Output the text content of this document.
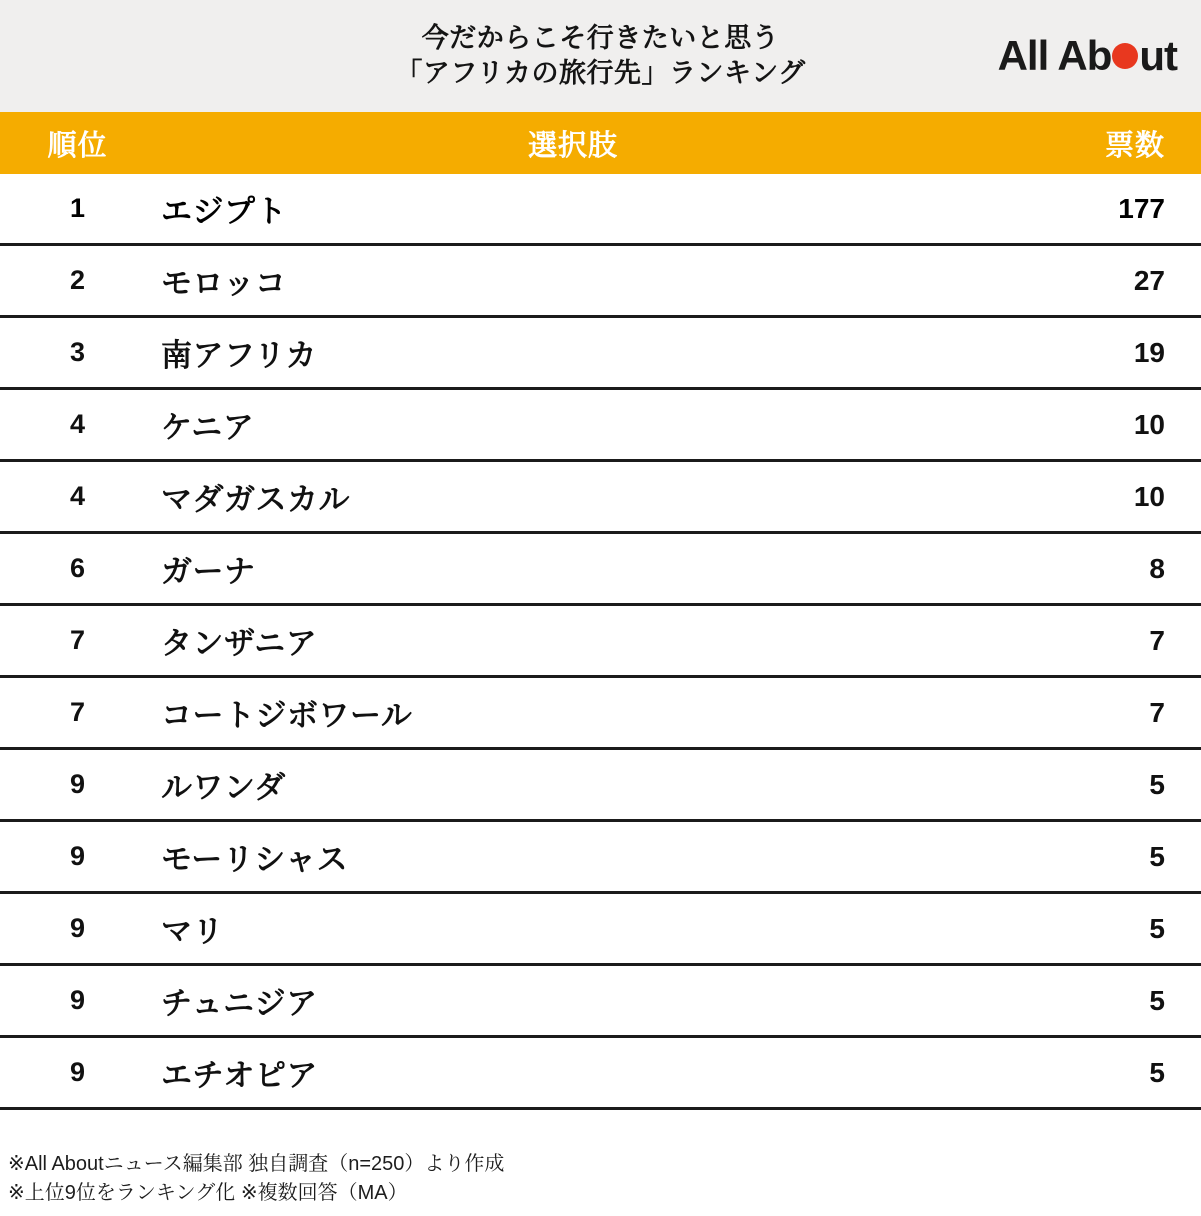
今だからこそ行きたいと思う
「アフリカの旅行先」ランキング	All Ab ut
順位	選択肢	票数
1	エジプト	177
2	モロッコ	27
3	南アフリカ	19
4	ケニア	10
4	マダガスカル	10
6	ガーナ	8
7	タンザニア	7
7	コートジボワール	7
9	ルワンダ	5
9	モーリシャス	5
9	マリ	5
9	チュニジア	5
9	エチオピア	5
※All Aboutニュース編集部 独自調査（n=250）より作成
※上位9位をランキング化 ※複数回答（MA）
